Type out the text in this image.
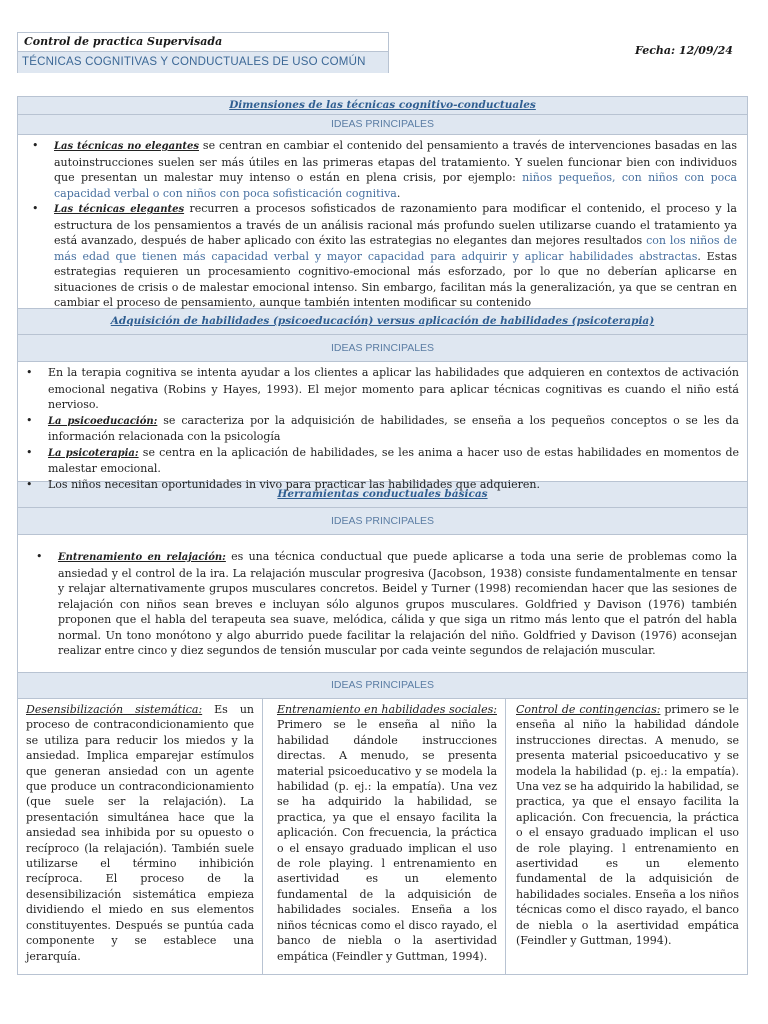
Control de practica Supervisada
TÉCNICAS COGNITIVAS Y CONDUCTUALES DE USO COMÚN
Fecha: 12/09/24
Dimensiones de las técnicas cognitivo-conductuales
IDEAS PRINCIPALES
• Las técnicas no elegantes se centran en cambiar el contenido del pensamiento a través de intervenciones basadas en las autoinstrucciones suelen ser más útiles en las primeras etapas del tratamiento. Y suelen funcionar bien con individuos que presentan un malestar muy intenso o están en plena crisis, por ejemplo: niños pequeños, con niños con poca capacidad verbal o con niños con poca sofisticación cognitiva.
• Las técnicas elegantes recurren a procesos sofisticados de razonamiento para modificar el contenido, el proceso y la estructura de los pensamientos a través de un análisis racional más profundo suelen utilizarse cuando el tratamiento ya está avanzado, después de haber aplicado con éxito las estrategias no elegantes dan mejores resultados con los niños de más edad que tienen más capacidad verbal y mayor capacidad para adquirir y aplicar habilidades abstractas. Estas estrategias requieren un procesamiento cognitivo-emocional más esforzado, por lo que no deberían aplicarse en situaciones de crisis o de malestar emocional intenso. Sin embargo, facilitan más la generalización, ya que se centran en cambiar el proceso de pensamiento, aunque también intenten modificar su contenido
Adquisición de habilidades (psicoeducación) versus aplicación de habilidades (psicoterapia)
IDEAS PRINCIPALES
• En la terapia cognitiva se intenta ayudar a los clientes a aplicar las habilidades que adquieren en contextos de activación emocional negativa (Robins y Hayes, 1993). El mejor momento para aplicar técnicas cognitivas es cuando el niño está nervioso.
• La psicoeducación: se caracteriza por la adquisición de habilidades, se enseña a los pequeños conceptos o se les da información relacionada con la psicología
• La psicoterapia: se centra en la aplicación de habilidades, se les anima a hacer uso de estas habilidades en momentos de malestar emocional.
• Los niños necesitan oportunidades in vivo para practicar las habilidades que adquieren.
Herramientas conductuales básicas
IDEAS PRINCIPALES
• Entrenamiento en relajación: es una técnica conductual que puede aplicarse a toda una serie de problemas como la ansiedad y el control de la ira. La relajación muscular progresiva (Jacobson, 1938) consiste fundamentalmente en tensar y relajar alternativamente grupos musculares concretos. Beidel y Turner (1998) recomiendan hacer que las sesiones de relajación con niños sean breves e incluyan sólo algunos grupos musculares. Goldfried y Davison (1976) también proponen que el habla del terapeuta sea suave, melódica, cálida y que siga un ritmo más lento que el patrón del habla normal. Un tono monótono y algo aburrido puede facilitar la relajación del niño. Goldfried y Davison (1976) aconsejan realizar entre cinco y diez segundos de tensión muscular por cada veinte segundos de relajación muscular.
IDEAS PRINCIPALES
Desensibilización sistemática: Es un proceso de contracondicionamiento que se utiliza para reducir los miedos y la ansiedad. Implica emparejar estímulos que generan ansiedad con un agente que produce un contracondicionamiento (que suele ser la relajación). La presentación simultánea hace que la ansiedad sea inhibida por su opuesto o recíproco (la relajación). También suele utilizarse el término inhibición recíproca. El proceso de la desensibilización sistemática empieza dividiendo el miedo en sus elementos constituyentes. Después se puntúa cada componente y se establece una jerarquía.
Entrenamiento en habilidades sociales: Primero se le enseña al niño la habilidad dándole instrucciones directas. A menudo, se presenta material psicoeducativo y se modela la habilidad (p. ej.: la empatía). Una vez se ha adquirido la habilidad, se practica, ya que el ensayo facilita la aplicación. Con frecuencia, la práctica o el ensayo graduado implican el uso de role playing. l entrenamiento en asertividad es un elemento fundamental de la adquisición de habilidades sociales. Enseña a los niños técnicas como el disco rayado, el banco de niebla o la asertividad empática (Feindler y Guttman, 1994).
Control de contingencias: primero se le enseña al niño la habilidad dándole instrucciones directas. A menudo, se presenta material psicoeducativo y se modela la habilidad (p. ej.: la empatía). Una vez se ha adquirido la habilidad, se practica, ya que el ensayo facilita la aplicación. Con frecuencia, la práctica o el ensayo graduado implican el uso de role playing. l entrenamiento en asertividad es un elemento fundamental de la adquisición de habilidades sociales. Enseña a los niños técnicas como el disco rayado, el banco de niebla o la asertividad empática (Feindler y Guttman, 1994).
